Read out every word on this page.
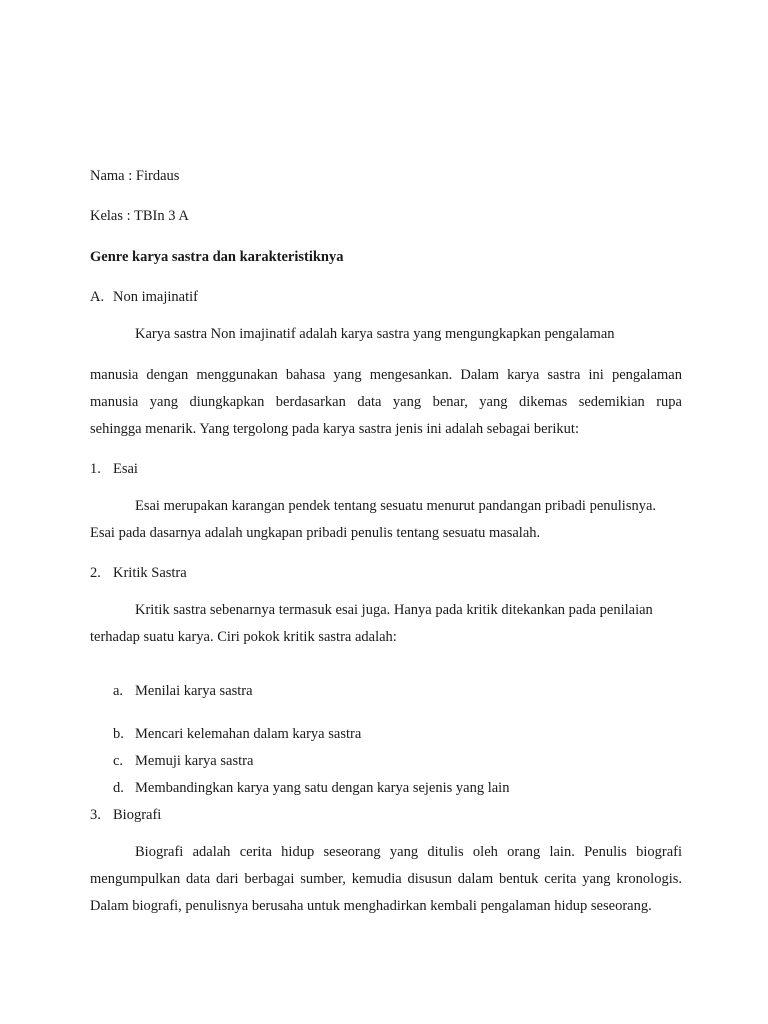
Nama : Firdaus
Kelas : TBIn 3 A
Genre karya sastra dan karakteristiknya
A. Non imajinatif
Karya sastra Non imajinatif adalah karya sastra yang mengungkapkan pengalaman
manusia dengan menggunakan bahasa yang mengesankan. Dalam karya sastra ini pengalaman
manusia yang diungkapkan berdasarkan data yang benar, yang dikemas sedemikian rupa
sehingga menarik. Yang tergolong pada karya sastra jenis ini adalah sebagai berikut:
1. Esai
Esai merupakan karangan pendek tentang sesuatu menurut pandangan pribadi penulisnya.
Esai pada dasarnya adalah ungkapan pribadi penulis tentang sesuatu masalah.
2. Kritik Sastra
Kritik sastra sebenarnya termasuk esai juga. Hanya pada kritik ditekankan pada penilaian
terhadap suatu karya. Ciri pokok kritik sastra adalah:
a. Menilai karya sastra
b. Mencari kelemahan dalam karya sastra
c. Memuji karya sastra
d. Membandingkan karya yang satu dengan karya sejenis yang lain
3. Biografi
Biografi adalah cerita hidup seseorang yang ditulis oleh orang lain. Penulis biografi
mengumpulkan data dari berbagai sumber, kemudia disusun dalam bentuk cerita yang kronologis.
Dalam biografi, penulisnya berusaha untuk menghadirkan kembali pengalaman hidup seseorang.
